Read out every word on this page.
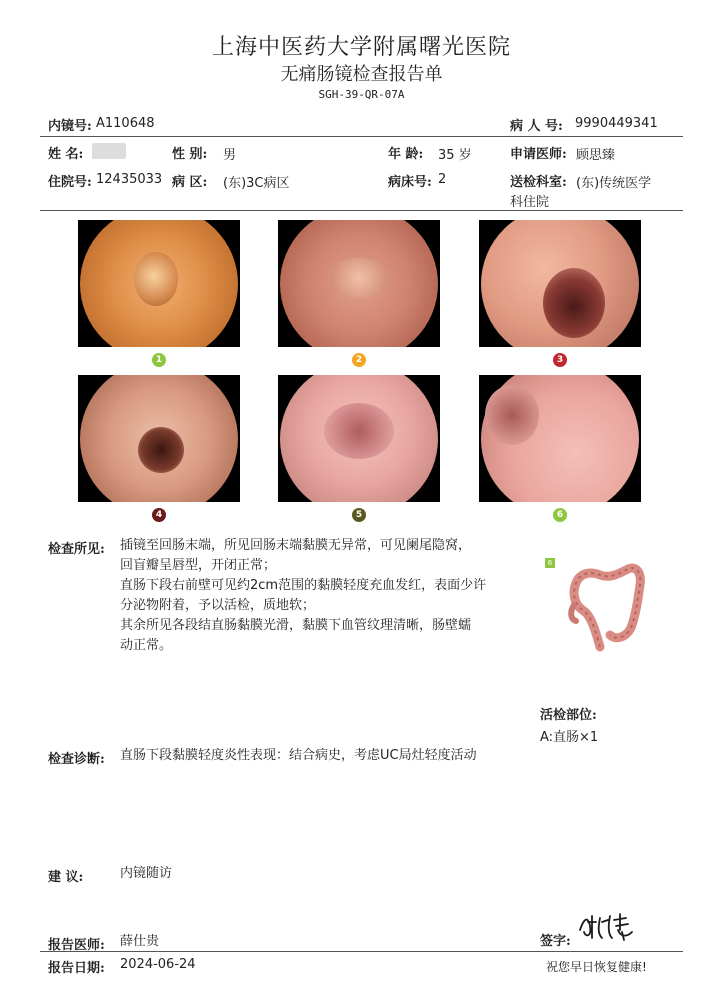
上海中医药大学附属曙光医院
无痛肠镜检查报告单
SGH-39-QR-07A
内镜号: A110648	病 人 号: 9990449341
姓 名:	性 别: 男	年 龄: 35 岁	申请医师: 顾思臻
住院号: 12435033 病 区: (东)3C病区	病床号: 2	送检科室: (东)传统医学
科住院
1	2	3
4	5	6
检查所见: 插镜至回肠末端，所见回肠末端黏膜无异常，可见阑尾隐窝，
回盲瓣呈唇型，开闭正常；
直肠下段右前壁可见约2cm范围的黏膜轻度充血发红，表面少许
分泌物附着，予以活检，质地软；
其余所见各段结直肠黏膜光滑，黏膜下血管纹理清晰，肠壁蠕
动正常。
6
活检部位:
A:直肠×1
检查诊断: 直肠下段黏膜轻度炎性表现：结合病史，考虑UC局灶轻度活动
建 议:	内镜随访
报告医师: 薛仕贵	签字:
报告日期: 2024-06-24	祝您早日恢复健康!
